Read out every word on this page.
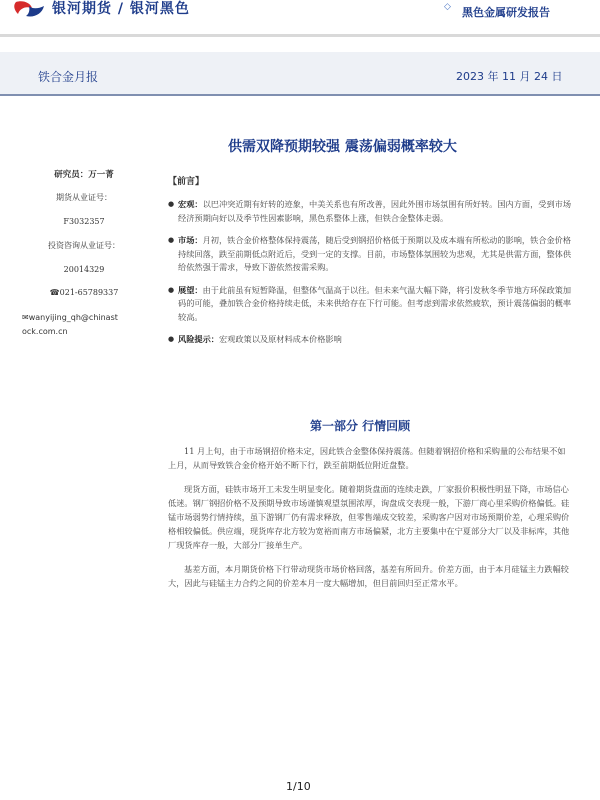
银河期货 / 银河黑色	◇ 黑色金属研发报告
铁合金月报	2023 年 11 月 24 日
供需双降预期较强 震荡偏弱概率较大
研究员：万一菁
期货从业证号：
F3032357
投资咨询从业证号：
20014329
☎021-65789337
✉wanyijing_qh@chinast
ock.com.cn
【前言】
● 宏观：以巴冲突近期有好转的迹象，中美关系也有所改善，因此外围市场氛围有所好转。国内方面，受到市场经济预期向好以及季节性因素影响，黑色系整体上涨，但铁合金整体走弱。
● 市场：月初，铁合金价格整体保持震荡，随后受到钢招价格低于预期以及成本端有所松动的影响，铁合金价格持续回落，跌至前期低点附近后，受到一定的支撑。目前，市场整体氛围较为悲观，尤其是供需方面，整体供给依然强于需求，导致下游依然按需采购。
● 展望：由于此前虽有短暂降温，但整体气温高于以往。但未来气温大幅下降，将引发秋冬季节地方环保政策加码的可能，叠加铁合金价格持续走低，未来供给存在下行可能。但考虑到需求依然疲软，预计震荡偏弱的概率较高。
● 风险提示：宏观政策以及原材料成本价格影响
第一部分 行情回顾

11 月上旬，由于市场钢招价格未定，因此铁合金整体保持震荡。但随着钢招价格和采购量的公布结果不如上月，从而导致铁合金价格开始不断下行，跌至前期低位附近盘整。

现货方面，硅铁市场开工未发生明显变化。随着期货盘面的连续走跌，厂家报价积极性明显下降，市场信心低迷。钢厂钢招价格不及预期导致市场谨慎观望氛围浓厚，询盘成交表现一般，下游厂商心里采购价格偏低。硅锰市场弱势行情持续，虽下游钢厂仍有需求释放，但零售端成交较差，采购客户因对市场预期价差，心理采购价格相较偏低。供应端，现货库存北方较为宽裕而南方市场偏紧，北方主要集中在宁夏部分大厂以及非标库，其他厂现货库存一般，大部分厂接单生产。

基差方面，本月期货价格下行带动现货市场价格回落，基差有所回升。价差方面，由于本月硅锰主力跌幅较大，因此与硅锰主力合约之间的价差本月一度大幅增加，但目前回归至正常水平。

1/10
